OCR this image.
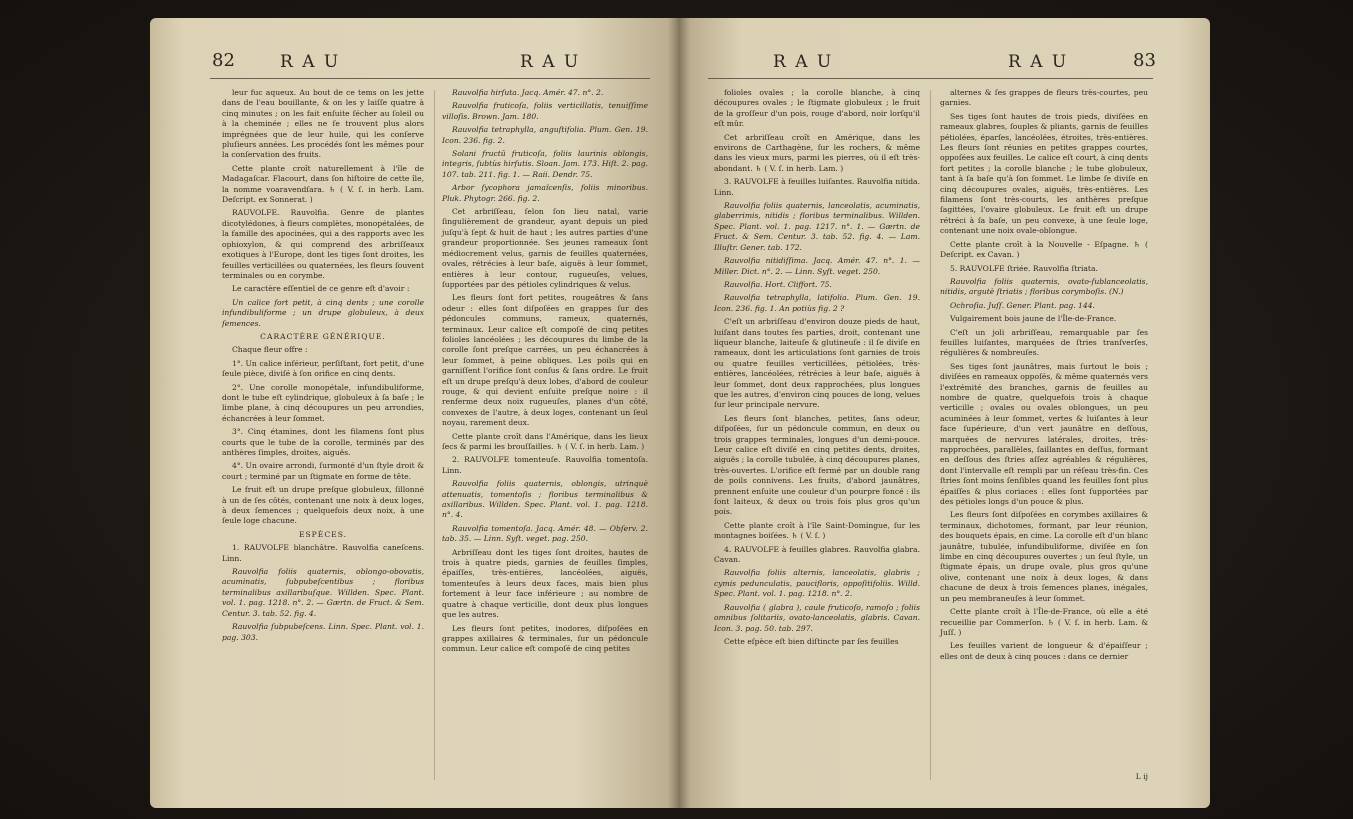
82	R A U	R A U

leur fuc aqueux. Au bout de ce tems on les jette dans de l'eau bouillante, & on les y laiſſe quatre à cinq minutes ; on les fait enſuite ſécher au ſoleil ou à la cheminée ; elles ne ſe trouvent plus alors imprégnées que de leur huile, qui les conſerve pluſieurs années. Les procédés ſont les mêmes pour la conſervation des fruits.

Cette plante croît naturellement à l'île de Madagaſcar. Flacourt, dans ſon hiſtoire de cette île, la nomme voaravendſara. ♄ ( V. ſ. in herb. Lam. Deſcript. ex Sonnerat. )

RAUVOLFE. Rauvolfia. Genre de plantes dicotylédones, à fleurs complètes, monopétalées, de la famille des apocinées, qui a des rapports avec les ophioxylon, & qui comprend des arbriſſeaux exotiques à l'Europe, dont les tiges ſont droites, les feuilles verticillées ou quaternées, les fleurs ſouvent terminales ou en corymbe.

Le caractère eſſentiel de ce genre eſt d'avoir :

Un calice fort petit, à cinq dents ; une corolle infundibuliforme ; un drupe globuleux, à deux ſemences.

CARACTÈRE GÉNÉRIQUE.

Chaque fleur offre :

1°. Un calice inférieur, perſiſtant, fort petit, d'une ſeule pièce, diviſé à ſon orifice en cinq dents.

2°. Une corolle monopétale, infundibuliforme, dont le tube eſt cylindrique, globuleux à ſa baſe ; le limbe plane, à cinq découpures un peu arrondies, échancrées à leur ſommet.

3°. Cinq étamines, dont les filamens ſont plus courts que le tube de la corolle, terminés par des anthères ſimples, droites, aiguës.

4°. Un ovaire arrondi, ſurmonté d'un ſtyle droit & court ; terminé par un ſtigmate en forme de tête.

Le fruit eſt un drupe preſque globuleux, ſillonné à un de ſes côtés, contenant une noix à deux loges, à deux ſemences ; quelquefois deux noix, à une ſeule loge chacune.

ESPÈCES.

1. RAUVOLFE blanchâtre. Rauvolfia caneſcens. Linn.

Rauvolfia foliis quaternis, oblongo-obovatis, acuminatis, ſubpubeſcentibus ; floribus terminalibus axillaribuſque. Willden. Spec. Plant. vol. 1. pag. 1218. n°. 2. — Gærtn. de Fruct. & Sem. Centur. 3. tab. 52. fig. 4.

Rauvolfia ſubpubeſcens. Linn. Spec. Plant. vol. 1. pag. 303.

Rauvolfia hirſuta. Jacq. Amér. 47. n°. 2.

Rauvolfia fruticoſa, foliis verticillatis, tenuiſſime villoſis. Brown. Jam. 180.

Rauvolfia tetraphylla, anguſtifolia. Plum. Gen. 19. Icon. 236. fig. 2.

Solani fructû fruticoſa, foliis laurinis oblongis, integris, ſubtùs hirſutis. Sloan. Jam. 173. Hiſt. 2. pag. 107. tab. 211. fig. 1. — Raii. Dendr. 75.

Arbor ſycophora jamaïcenſis, foliis minoribus. Pluk. Phytogr. 266. fig. 2.

Cet arbriſſeau, ſelon ſon lieu natal, varie ſingulièrement de grandeur, ayant depuis un pied juſqu'à ſept & huit de haut ; les autres parties d'une grandeur proportionnée. Ses jeunes rameaux ſont médiocrement velus, garnis de feuilles quaternées, ovales, rétrécies à leur baſe, aiguës à leur ſommet, entières à leur contour, rugueuſes, velues, ſupportées par des pétioles cylindriques & velus.

Les fleurs ſont fort petites, rougeâtres & ſans odeur : elles ſont diſpoſées en grappes ſur des pédoncules communs, rameux, quaternés, terminaux. Leur calice eſt compoſé de cinq petites folioles lancéolées ; les découpures du limbe de la corolle ſont preſque carrées, un peu échancrées à leur ſommet, à peine obliques. Les poils qui en garniſſent l'orifice ſont conſus & ſans ordre. Le fruit eſt un drupe preſqu'à deux lobes, d'abord de couleur rouge, & qui devient enſuite preſque noire : il renferme deux noix rugueuſes, planes d'un côté, convexes de l'autre, à deux loges, contenant un ſeul noyau, rarement deux.

Cette plante croît dans l'Amérique, dans les lieux ſecs & parmi les brouſſailles. ♄ ( V. ſ. in herb. Lam. )

2. RAUVOLFE tomenteuſe. Rauvolfia tomentoſa. Linn.

Rauvolfia foliis quaternis, oblongis, utrinquè attenuatis, tomentoſis ; floribus terminalibus & axillaribus. Willden. Spec. Plant. vol. 1. pag. 1218. n°. 4.

Rauvolfia tomentoſa. Jacq. Amér. 48. — Obſerv. 2. tab. 35. — Linn. Syſt. veget. pag. 250.

Arbriſſeau dont les tiges ſont droites, hautes de trois à quatre pieds, garnies de feuilles ſimples, épaiſſes, très-entières, lancéolées, aiguës, tomenteuſes à leurs deux faces, mais bien plus fortement à leur face inférieure ; au nombre de quatre à chaque verticille, dont deux plus longues que les autres.

Les fleurs ſont petites, inodores, diſpoſées en grappes axillaires & terminales, ſur un pédoncule commun. Leur calice eſt compoſé de cinq petites

R A U	R A U	83

folioles ovales ; la corolle blanche, à cinq découpures ovales ; le ſtigmate globuleux ; le fruit de la groſſeur d'un pois, rouge d'abord, noir lorſqu'il eſt mûr.

Cet arbriſſeau croît en Amérique, dans les environs de Carthagène, ſur les rochers, & même dans les vieux murs, parmi les pierres, où il eſt très-abondant. ♄ ( V. ſ. in herb. Lam. )

3. RAUVOLFE à feuilles luiſantes. Rauvolfia nitida. Linn.

Rauvolfia foliis quaternis, lanceolatis, acuminatis, glaberrimis, nitidis ; floribus terminalibus. Willden. Spec. Plant. vol. 1. pag. 1217. n°. 1. — Gærtn. de Fruct. & Sem. Centur. 3. tab. 52. fig. 4. — Lam. Illuſtr. Gener. tab. 172.

Rauvolfia nitidiſſima. Jacq. Amér. 47. n°. 1. — Miller. Dict. n°. 2. — Linn. Syſt. veget. 250.

Rauvolfia. Hort. Cliffort. 75.

Rauvolfia tetraphylla, latifolia. Plum. Gen. 19. Icon. 236. fig. 1. An potiùs fig. 2 ?

C'eſt un arbriſſeau d'environ douze pieds de haut, luiſant dans toutes ſes parties, droit, contenant une liqueur blanche, laiteuſe & glutineuſe : il ſe diviſe en rameaux, dont les articulations ſont garnies de trois ou quatre feuilles verticillées, pétiolées, très-entières, lancéolées, rétrécies à leur baſe, aiguës à leur ſommet, dont deux rapprochées, plus longues que les autres, d'environ cinq pouces de long, velues ſur leur principale nervure.

Les fleurs ſont blanches, petites, ſans odeur, diſpoſées, ſur un pédoncule commun, en deux ou trois grappes terminales, longues d'un demi-pouce. Leur calice eſt diviſé en cinq petites dents, droites, aiguës ; la corolle tubulée, à cinq découpures planes, très-ouvertes. L'orifice eſt fermé par un double rang de poils connivens. Les fruits, d'abord jaunâtres, prennent enſuite une couleur d'un pourpre foncé : ils ſont laiteux, & deux ou trois fois plus gros qu'un pois.

Cette plante croît à l'île Saint-Domingue, ſur les montagnes boiſées. ♄ ( V. ſ. )

4. RAUVOLFE à feuilles glabres. Rauvolfia glabra. Cavan.

Rauvolfia foliis alternis, lanceolatis, glabris ; cymis pedunculatis, paucifloris, oppoſitifoliis. Willd. Spec. Plant. vol. 1. pag. 1218. n°. 2.

Rauvolfia ( glabra ), caule fruticoſo, ramoſo ; foliis omnibus ſolitariis, ovato-lanceolatis, glabris. Cavan. Icon. 3. pag. 50. tab. 297.

Cette eſpèce eſt bien diſtincte par ſes feuilles

alternes & ſes grappes de fleurs très-courtes, peu garnies.

Ses tiges ſont hautes de trois pieds, diviſées en rameaux glabres, ſouples & pliants, garnis de feuilles pétiolées, éparſes, lancéolées, étroites, très-entières. Les fleurs ſont réunies en petites grappes courtes, oppoſées aux feuilles. Le calice eſt court, à cinq dents fort petites ; la corolle blanche ; le tube globuleux, tant à ſa baſe qu'à ſon ſommet. Le limbe ſe diviſe en cinq découpures ovales, aiguës, très-entières. Les filamens ſont très-courts, les anthères preſque ſagittées, l'ovaire globuleux. Le fruit eſt un drupe rétréci à ſa baſe, un peu convexe, à une ſeule loge, contenant une noix ovale-oblongue.

Cette plante croît à la Nouvelle - Eſpagne. ♄ ( Deſcript. ex Cavan. )

5. RAUVOLFE ſtriée. Rauvolfia ſtriata.

Rauvolfia foliis quaternis, ovato-ſublanceolatis, nitidis, argutè ſtriatis ; floribus corymboſis. (N.)

Ochroſia. Juſſ. Gener. Plant. pag. 144.

Vulgairement bois jaune de l'Île-de-France.

C'eſt un joli arbriſſeau, remarquable par ſes feuilles luiſantes, marquées de ſtries tranſverſes, régulières & nombreuſes.

Ses tiges ſont jaunâtres, mais ſurtout le bois ; diviſées en rameaux oppoſés, & même quaternés vers l'extrémité des branches, garnis de feuilles au nombre de quatre, quelquefois trois à chaque verticille ; ovales ou ovales oblongues, un peu acuminées à leur ſommet, vertes & luiſantes à leur face ſupérieure, d'un vert jaunâtre en deſſous, marquées de nervures latérales, droites, très-rapprochées, parallèles, ſaillantes en deſſus, formant en deſſous des ſtries aſſez agréables & régulières, dont l'intervalle eſt rempli par un réſeau très-fin. Ces ſtries ſont moins ſenſibles quand les feuilles ſont plus épaiſſes & plus coriaces : elles ſont ſupportées par des pétioles longs d'un pouce & plus.

Les fleurs ſont diſpoſées en corymbes axillaires & terminaux, dichotomes, formant, par leur réunion, des bouquets épais, en cime. La corolle eſt d'un blanc jaunâtre, tubulée, infundibuliforme, diviſée en ſon limbe en cinq découpures ouvertes ; un ſeul ſtyle, un ſtigmate épais, un drupe ovale, plus gros qu'une olive, contenant une noix à deux loges, & dans chacune de deux à trois ſemences planes, inégales, un peu membraneuſes à leur ſommet.

Cette plante croît à l'Île-de-France, où elle a été recueillie par Commerſon. ♄ ( V. ſ. in herb. Lam. & Juſſ. )

Les feuilles varient de longueur & d'épaiſſeur ; elles ont de deux à cinq pouces : dans ce dernier

L ij
